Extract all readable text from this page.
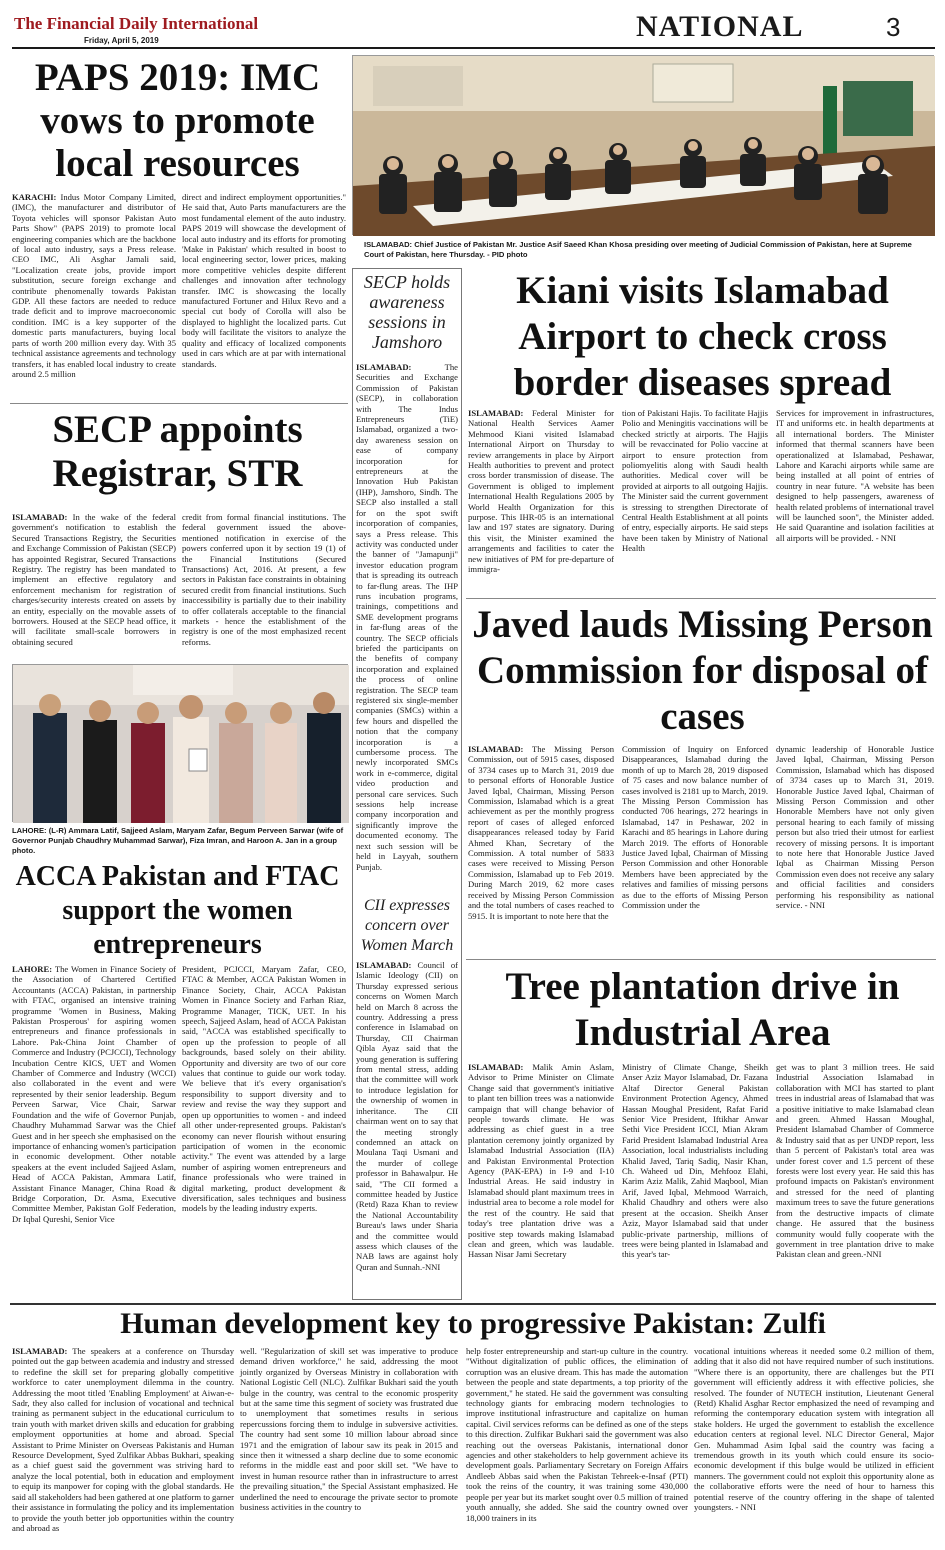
The Financial Daily International
Friday, April 5, 2019	NATIONAL	3
PAPS 2019: IMC vows to promote local resources

KARACHI: Indus Motor Company Limited, (IMC), the manufacturer and distributor of Toyota vehicles will sponsor Pakistan Auto Parts Show" (PAPS 2019) to promote local engineering companies which are the backbone of local auto industry, says a Press release. CEO IMC, Ali Asghar Jamali said, "Localization create jobs, provide import substitution, secure foreign exchange and contribute phenomenally towards Pakistan GDP. All these factors are needed to reduce trade deficit and to improve macroeconomic condition. IMC is a key supporter of the domestic parts manufacturers, buying local parts of worth 200 million every day. With 35 technical assistance agreements and technology transfers, it has enabled local industry to create around 2.5 million

direct and indirect employment opportunities." He said that, Auto Parts manufacturers are the most fundamental element of the auto industry. PAPS 2019 will showcase the development of local auto industry and its efforts for promoting 'Make in Pakistan' which resulted in boost to local engineering sector, lower prices, making more competitive vehicles despite different challenges and innovation after technology transfer. IMC is showcasing the locally manufactured Fortuner and Hilux Revo and a special cut body of Corolla will also be displayed to highlight the localized parts. Cut body will facilitate the visitors to analyze the quality and efficacy of localized components used in cars which are at par with international standards.

ISLAMABAD: Chief Justice of Pakistan Mr. Justice Asif Saeed Khan Khosa presiding over meeting of Judicial Commission of Pakistan, here at Supreme Court of Pakistan, here Thursday. - PID photo
SECP holds awareness sessions in Jamshoro

ISLAMABAD:	The Securities and Exchange Commission of Pakistan (SECP), in collaboration with The Indus Entrepreneurs (TiE) Islamabad, organized a two-day awareness session on ease of company incorporation for entrepreneurs at the Innovation Hub Pakistan (IHP), Jamshoro, Sindh. The SECP also installed a stall for on the spot swift incorporation of companies, says a Press release. This activity was conducted under the banner of "Jamapunji" investor education program that is spreading its outreach to far-flung areas. The IHP runs incubation programs, trainings, competitions and SME development programs in far-flung areas of the country. The SECP officials briefed the participants on the benefits of company incorporation and explained the process of online registration. The SECP team registered six single-member companies (SMCs) within a few hours and dispelled the notion that the company incorporation is a cumbersome process. The newly incorporated SMCs work in e-commerce, digital video production and personal care services. Such sessions help increase company incorporation and significantly improve the documented economy. The next such session will be held in Layyah, southern Punjab.

CII expresses concern over Women March

ISLAMABAD: Council of Islamic Ideology (CII) on Thursday expressed serious concerns on Women March held on March 8 across the country. Addressing a press conference in Islamabad on Thursday, CII Chairman Qibla Ayaz said that the young generation is suffering from mental stress, adding that the committee will work to introduce legislation for the ownership of women in inheritance. The CII chairman went on to say that the meeting strongly condemned an attack on Moulana Taqi Usmani and the murder of college professor in Bahawalpur. He said, "The CII formed a committee headed by Justice (Retd) Raza Khan to review the National Accountability Bureau's laws under Sharia and the committee would assess which clauses of the NAB laws are against holy Quran and Sunnah.-NNI

Kiani visits Islamabad Airport to check cross border diseases spread

ISLAMABAD: Federal Minister for National Health Services Aamer Mehmood Kiani visited Islamabad International Airport on Thursday to review arrangements in place by Airport Health authorities to prevent and protect cross border transmission of disease. The Government is obliged to implement International Health Regulations 2005 by World Health Organization for this purpose. This IHR-05 is an international law and 197 states are signatory. During this visit, the Minister examined the arrangements and facilities to cater the new initiatives of PM for pre-departure of immigra-

tion of Pakistani Hajis. To facilitate Hajjis Polio and Meningitis vaccinations will be checked strictly at airports. The Hajjis will be revaccinated for Polio vaccine at airport to ensure protection from poliomyelitis along with Saudi health authorities. Medical cover will be provided at airports to all outgoing Hajjis. The Minister said the current government is stressing to strengthen Directorate of Central Health Establishment at all points of entry, especially airports. He said steps have been taken by Ministry of National Health

Services for improvement in infrastructures, IT and uniforms etc. in health departments at all international borders. The Minister informed that thermal scanners have been operationalized at Islamabad, Peshawar, Lahore and Karachi airports while same are being installed at all point of entries of country in near future. "A website has been designed to help passengers, awareness of health related problems of international travel will be launched soon", the Minister added. He said Quarantine and isolation facilities at all airports will be provided. - NNI

SECP appoints Registrar, STR

ISLAMABAD: In the wake of the federal government's notification to establish the Secured Transactions Registry, the Securities and Exchange Commission of Pakistan (SECP) has appointed Registrar, Secured Transactions Registry. The registry has been mandated to implement an effective regulatory and enforcement mechanism for registration of charges/security interests created on assets by an entity, especially on the movable assets of borrowers. Housed at the SECP head office, it will facilitate small-scale borrowers in obtaining secured

credit from formal financial institutions. The federal government issued the above-mentioned notification in exercise of the powers conferred upon it by section 19 (1) of the Financial Institutions (Secured Transactions) Act, 2016. At present, a few sectors in Pakistan face constraints in obtaining secured credit from financial institutions. Such inaccessibility is partially due to their inability to offer collaterals acceptable to the financial markets - hence the establishment of the registry is one of the most emphasized recent reforms.

LAHORE: (L-R) Ammara Latif, Sajjeed Aslam, Maryam Zafar, Begum Perveen Sarwar (wife of Governor Punjab Chaudhry Muhammad Sarwar), Fiza Imran, and Haroon A. Jan in a group photo.
ACCA Pakistan and FTAC support the women entrepreneurs

LAHORE: The Women in Finance Society of the Association of Chartered Certified Accountants (ACCA) Pakistan, in partnership with FTAC, organised an intensive training programme 'Women in Business, Making Pakistan Prosperous' for aspiring women entrepreneurs and finance professionals in Lahore. Pak-China Joint Chamber of Commerce and Industry (PCJCCI), Technology Incubation Centre KICS, UET and Women Chamber of Commerce and Industry (WCCI) also collaborated in the event and were represented by their senior leadership. Begum Perveen Sarwar, Vice Chair, Sarwar Foundation and the wife of Governor Punjab, Chaudhry Muhammad Sarwar was the Chief Guest and in her speech she emphasised on the importance of enhancing women's participation in economic development. Other notable speakers at the event included Sajjeed Aslam, Head of ACCA Pakistan, Ammara Latif, Assistant Finance Manager, China Road & Bridge Corporation, Dr. Asma, Executive Committee Member, Pakistan Golf Federation, Dr Iqbal Qureshi, Senior Vice

President, PCJCCI, Maryam Zafar, CEO, FTAC & Member, ACCA Pakistan Women in Finance Society, Chair, ACCA Pakistan Women in Finance Society and Farhan Riaz, Programme Manager, TICK, UET. In his speech, Sajjeed Aslam, head of ACCA Pakistan said, "ACCA was established specifically to open up the profession to people of all backgrounds, based solely on their ability. Opportunity and diversity are two of our core values that continue to guide our work today. We believe that it's every organisation's responsibility to support diversity and to review and revise the way they support and open up opportunities to women - and indeed all other under-represented groups. Pakistan's economy can never flourish without ensuring participation of women in the economic activity." The event was attended by a large number of aspiring women entrepreneurs and finance professionals who were trained in digital marketing, product development & diversification, sales techniques and business models by the leading industry experts.

Javed lauds Missing Person Commission for disposal of cases

ISLAMABAD: The Missing Person Commission, out of 5915 cases, disposed of 3734 cases up to March 31, 2019 due to personal efforts of Honorable Justice Javed Iqbal, Chairman, Missing Person Commission, Islamabad which is a great achievement as per the monthly progress report of cases of alleged enforced disappearances released today by Farid Ahmed Khan, Secretary of the Commission. A total number of 5833 cases were received to Missing Person Commission, Islamabad up to Feb 2019. During March 2019, 62 more cases received by Missing Person Commission and the total numbers of cases reached to 5915. It is important to note here that the

Commission of Inquiry on Enforced Disappearances, Islamabad during the month of up to March 28, 2019 disposed of 75 cases and now balance number of cases involved is 2181 up to March, 2019. The Missing Person Commission has conducted 706 hearings, 272 hearings in Islamabad, 147 in Peshawar, 202 in Karachi and 85 hearings in Lahore during March 2019. The efforts of Honorable Justice Javed Iqbal, Chairman of Missing Person Commission and other Honorable Members have been appreciated by the relatives and families of missing persons as due to the efforts of Missing Person Commission under the

dynamic leadership of Honorable Justice Javed Iqbal, Chairman, Missing Person Commission, Islamabad which has disposed of 3734 cases up to March 31, 2019. Honorable Justice Javed Iqbal, Chairman of Missing Person Commission and other Honorable Members have not only given personal hearing to each family of missing person but also tried their utmost for earliest recovery of missing persons. It is important to note here that Honorable Justice Javed Iqbal as Chairman Missing Person Commission even does not receive any salary and official facilities and considers performing his responsibility as national service. - NNI

Tree plantation drive in Industrial Area

ISLAMABAD: Malik Amin Aslam, Advisor to Prime Minister on Climate Change said that government's initiative to plant ten billion trees was a nationwide campaign that will change behavior of people towards climate. He was addressing as chief guest in a tree plantation ceremony jointly organized by Islamabad Industrial Association (IIA) and Pakistan Environmental Protection Agency (PAK-EPA) in I-9 and I-10 Industrial Areas. He said industry in Islamabad should plant maximum trees in industrial area to become a role model for the rest of the country. He said that today's tree plantation drive was a positive step towards making Islamabad clean and green, which was laudable. Hassan Nisar Jami Secretary

Ministry of Climate Change, Sheikh Anser Aziz Mayor Islamabad, Dr. Fazana Altaf Director General Pakistan Environment Protection Agency, Ahmed Hassan Moughal President, Rafat Farid Senior Vice President, Iftikhar Anwar Sethi Vice President ICCI, Mian Akram Farid President Islamabad Industrial Area Association, local industrialists including Khalid Javed, Tariq Sadiq, Nasir Khan, Ch. Waheed ud Din, Mehfooz Elahi, Karim Aziz Malik, Zahid Maqbool, Mian Arif, Javed Iqbal, Mehmood Warraich, Khalid Chaudhry and others were also present at the occasion. Sheikh Anser Aziz, Mayor Islamabad said that under public-private partnership, millions of trees were being planted in Islamabad and this year's tar-

get was to plant 3 million trees. He said Industrial Association Islamabad in collaboration with MCI has started to plant trees in industrial areas of Islamabad that was a positive initiative to make Islamabad clean and green. Ahmed Hassan Moughal, President Islamabad Chamber of Commerce & Industry said that as per UNDP report, less than 5 percent of Pakistan's total area was under forest cover and 1.5 percent of these forests were lost every year. He said this has profound impacts on Pakistan's environment and stressed for the need of planting maximum trees to save the future generations from the destructive impacts of climate change. He assured that the business community would fully cooperate with the government in tree plantation drive to make Pakistan clean and green.-NNI

Human development key to progressive Pakistan: Zulfi

ISLAMABAD: The speakers at a conference on Thursday pointed out the gap between academia and industry and stressed to redefine the skill set for preparing globally competitive workforce to cater unemployment dilemma in the country. Addressing the moot titled 'Enabling Employment' at Aiwan-e-Sadr, they also called for inclusion of vocational and technical training as permanent subject in the educational curriculum to train youth with market driven skills and education for grabbing employment opportunities at home and abroad. Special Assistant to Prime Minister on Overseas Pakistanis and Human Resource Development, Syed Zulfikar Abbas Bukhari, speaking as a chief guest said the government was striving hard to analyze the local potential, both in education and employment to equip its manpower for coping with the global standards. He said all stakeholders had been gathered at one platform to garner their assistance in formulating the policy and its implementation to provide the youth better job opportunities within the country and abroad as

well. "Regularization of skill set was imperative to produce demand driven workforce," he said, addressing the moot jointly organized by Overseas Ministry in collaboration with National Logistic Cell (NLC). Zulfikar Bukhari said the youth bulge in the country, was central to the economic prosperity but at the same time this segment of society was frustrated due to unemployment that sometimes results in serious repercussions forcing them to indulge in subversive activities. The country had sent some 10 million labour abroad since 1971 and the emigration of labour saw its peak in 2015 and since then it witnessed a sharp decline due to some economic reforms in the middle east and poor skill set. "We have to invest in human resource rather than in infrastructure to arrest the prevailing situation," the Special Assistant emphasized. He underlined the need to encourage the private sector to promote business activities in the country to

help foster entrepreneurship and start-up culture in the country. "Without digitalization of public offices, the elimination of corruption was an elusive dream. This has made the automation between the people and state departments, a top priority of the government," he stated. He said the government was consulting technology giants for embracing modern technologies to improve institutional infrastructure and capitalize on human capital. Civil services reforms can be defined as one of the steps to this direction. Zulfikar Bukhari said the government was also reaching out the overseas Pakistanis, international donor agencies and other stakeholders to help government achieve its development goals. Parliamentary Secretary on Foreign Affairs Andleeb Abbas said when the Pakistan Tehreek-e-Insaf (PTI) took the reins of the country, it was training some 430,000 people per year but its market sought over 0.5 million of trained youth annually, she added. She said the country owned over 18,000 trainers in its

vocational intuitions whereas it needed some 0.2 million of them, adding that it also did not have required number of such institutions. "Where there is an opportunity, there are challenges but the PTI government will efficiently address it with effective policies, she resolved. The founder of NUTECH institution, Lieutenant General (Retd) Khalid Asghar Rector emphasized the need of revamping and reforming the contemporary education system with integration all stake holders. He urged the government to establish the excellence education centers at regional level. NLC Director General, Major Gen. Muhammad Asim Iqbal said the country was facing a tremendous growth in its youth which could ensure its socio-economic development if this bulge would be utilized in efficient manners. The government could not exploit this opportunity alone as the collaborative efforts were the need of hour to harness this potential reserve of the country offering in the shape of talented youngsters. - NNI
